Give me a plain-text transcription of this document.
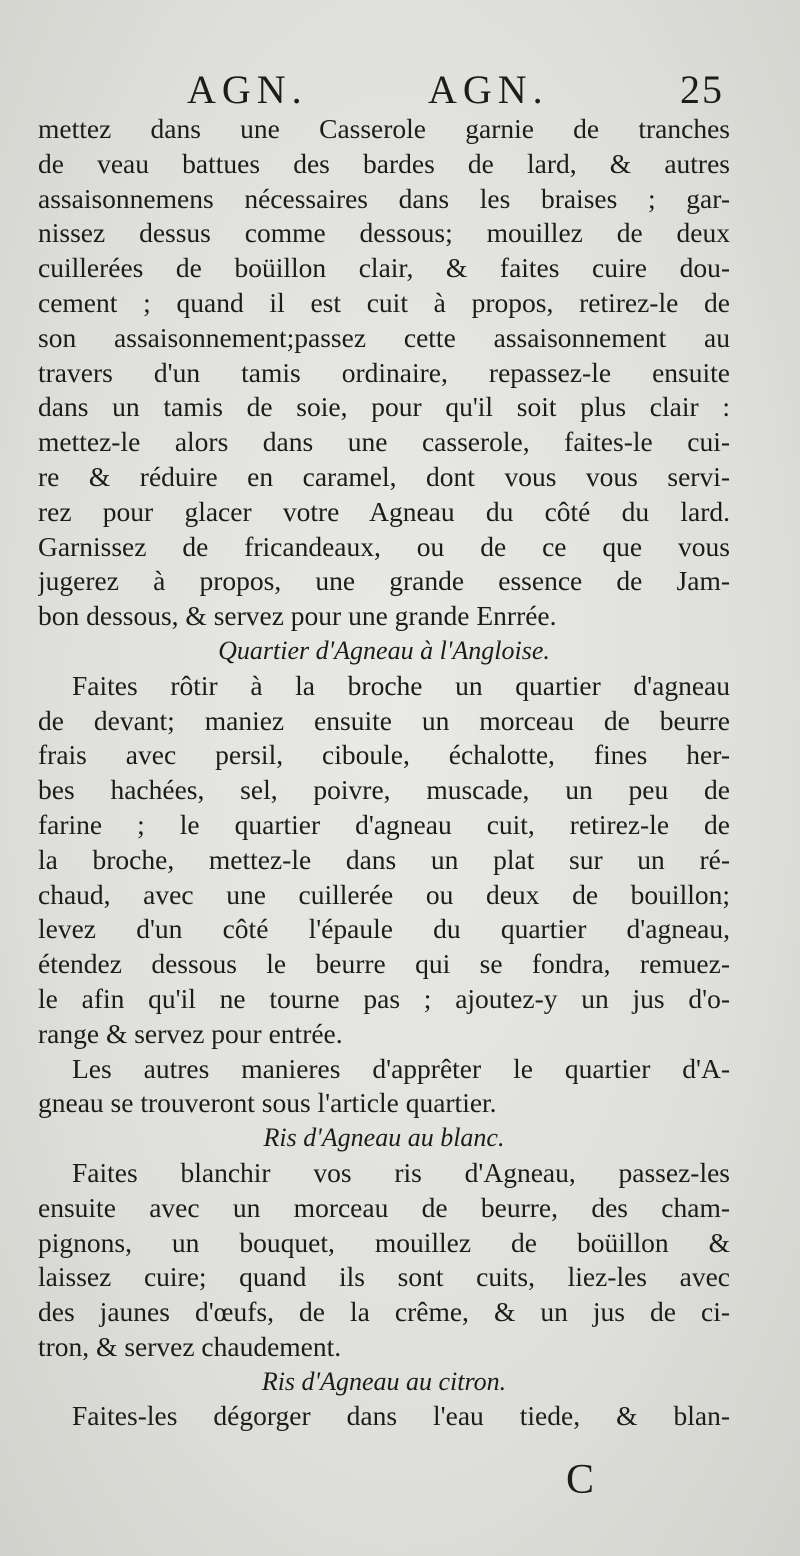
AGN.	AGN.	25
mettez dans une Casserole garnie de tranches
de veau battues des bardes de lard, & autres
assaisonnemens nécessaires dans les braises ; gar-
nissez dessus comme dessous; mouillez de deux
cuillerées de boüillon clair, & faites cuire dou-
cement ; quand il est cuit à propos, retirez-le de
son assaisonnement;passez cette assaisonnement au
travers d'un tamis ordinaire, repassez-le ensuite
dans un tamis de soie, pour qu'il soit plus clair :
mettez-le alors dans une casserole, faites-le cui-
re & réduire en caramel, dont vous vous servi-
rez pour glacer votre Agneau du côté du lard.
Garnissez de fricandeaux, ou de ce que vous
jugerez à propos, une grande essence de Jam-
bon dessous, & servez pour une grande Enrrée.
Quartier d'Agneau à l'Angloise.
Faites rôtir à la broche un quartier d'agneau
de devant; maniez ensuite un morceau de beurre
frais avec persil, ciboule, échalotte, fines her-
bes hachées, sel, poivre, muscade, un peu de
farine ; le quartier d'agneau cuit, retirez-le de
la broche, mettez-le dans un plat sur un ré-
chaud, avec une cuillerée ou deux de bouillon;
levez d'un côté l'épaule du quartier d'agneau,
étendez dessous le beurre qui se fondra, remuez-
le afin qu'il ne tourne pas ; ajoutez-y un jus d'o-
range & servez pour entrée.
Les autres manieres d'apprêter le quartier d'A-
gneau se trouveront sous l'article quartier.
Ris d'Agneau au blanc.
Faites blanchir vos ris d'Agneau, passez-les
ensuite avec un morceau de beurre, des cham-
pignons, un bouquet, mouillez de boüillon &
laissez cuire; quand ils sont cuits, liez-les avec
des jaunes d'œufs, de la crême, & un jus de ci-
tron, & servez chaudement.
Ris d'Agneau au citron.
Faites-les dégorger dans l'eau tiede, & blan-
C
